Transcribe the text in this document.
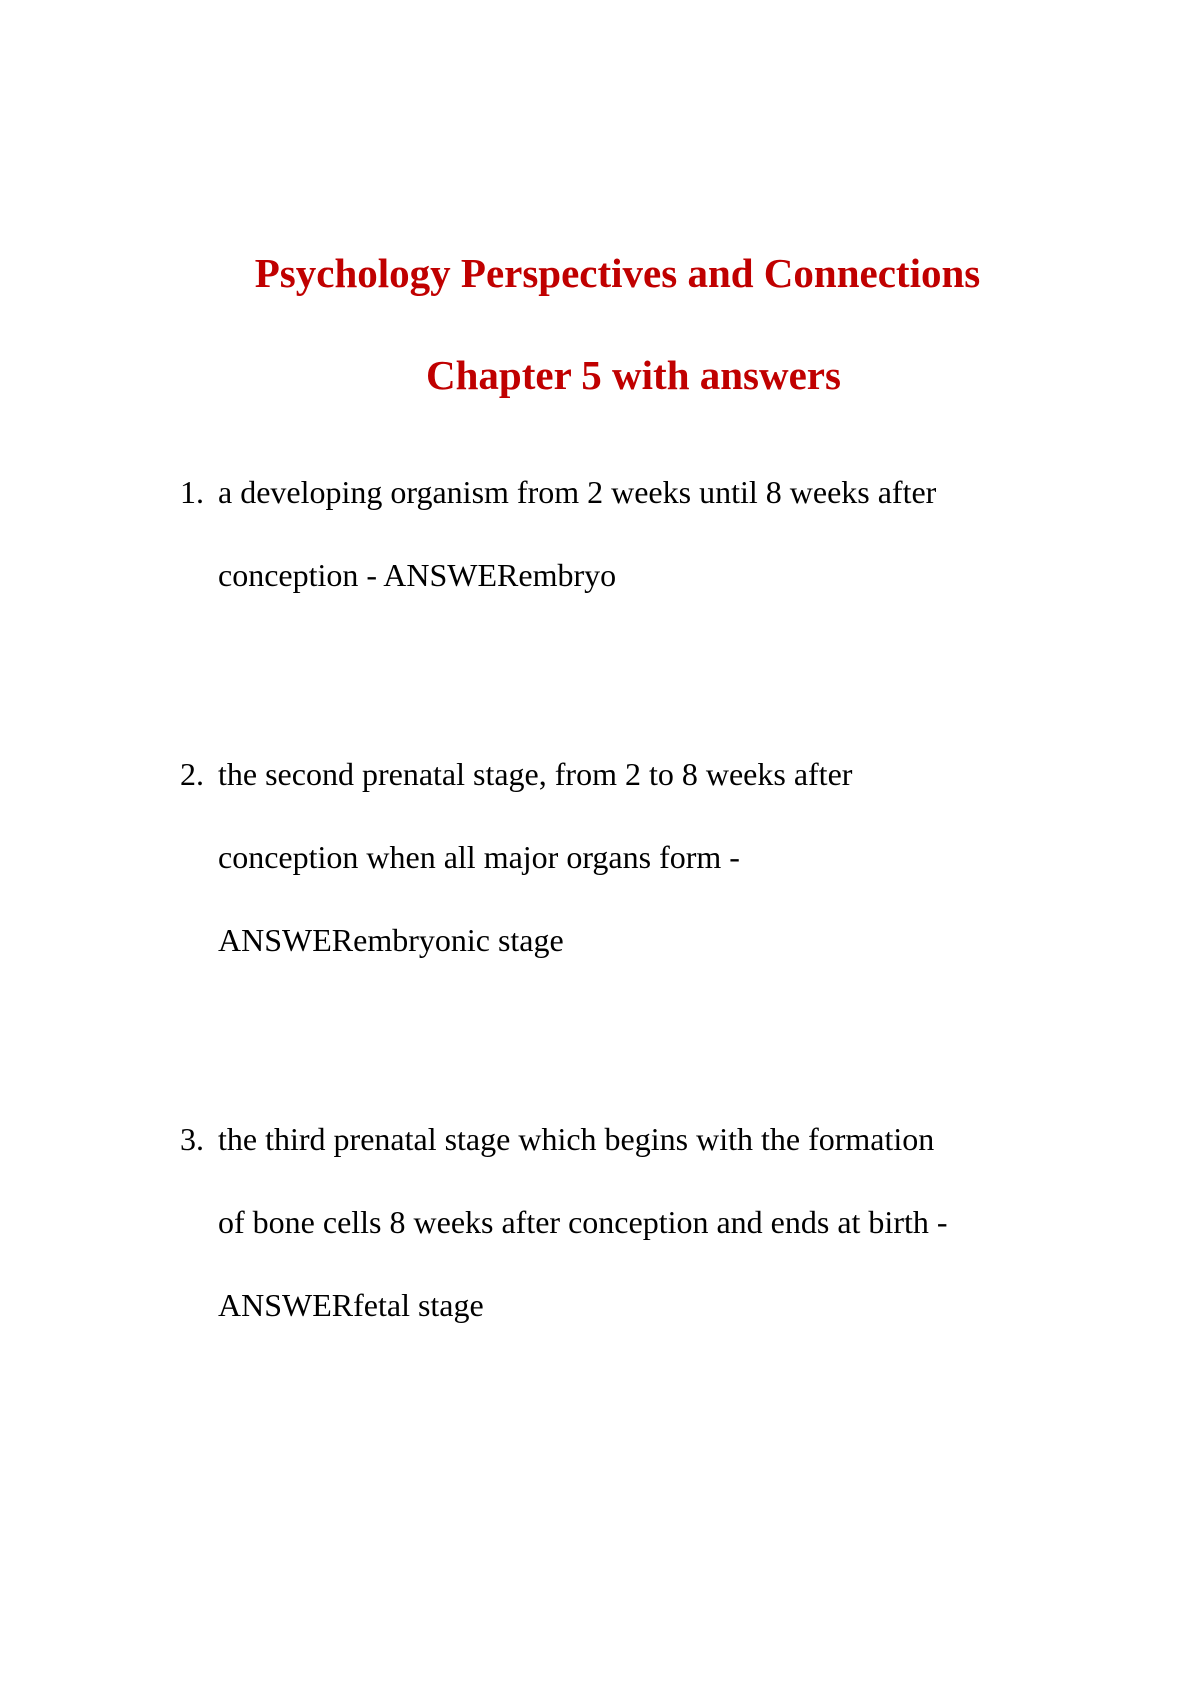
Psychology Perspectives and Connections
Chapter 5 with answers
1. a developing organism from 2 weeks until 8 weeks after
conception - ANSWERembryo
2. the second prenatal stage, from 2 to 8 weeks after
conception when all major organs form -
ANSWERembryonic stage
3. the third prenatal stage which begins with the formation
of bone cells 8 weeks after conception and ends at birth -
ANSWERfetal stage
